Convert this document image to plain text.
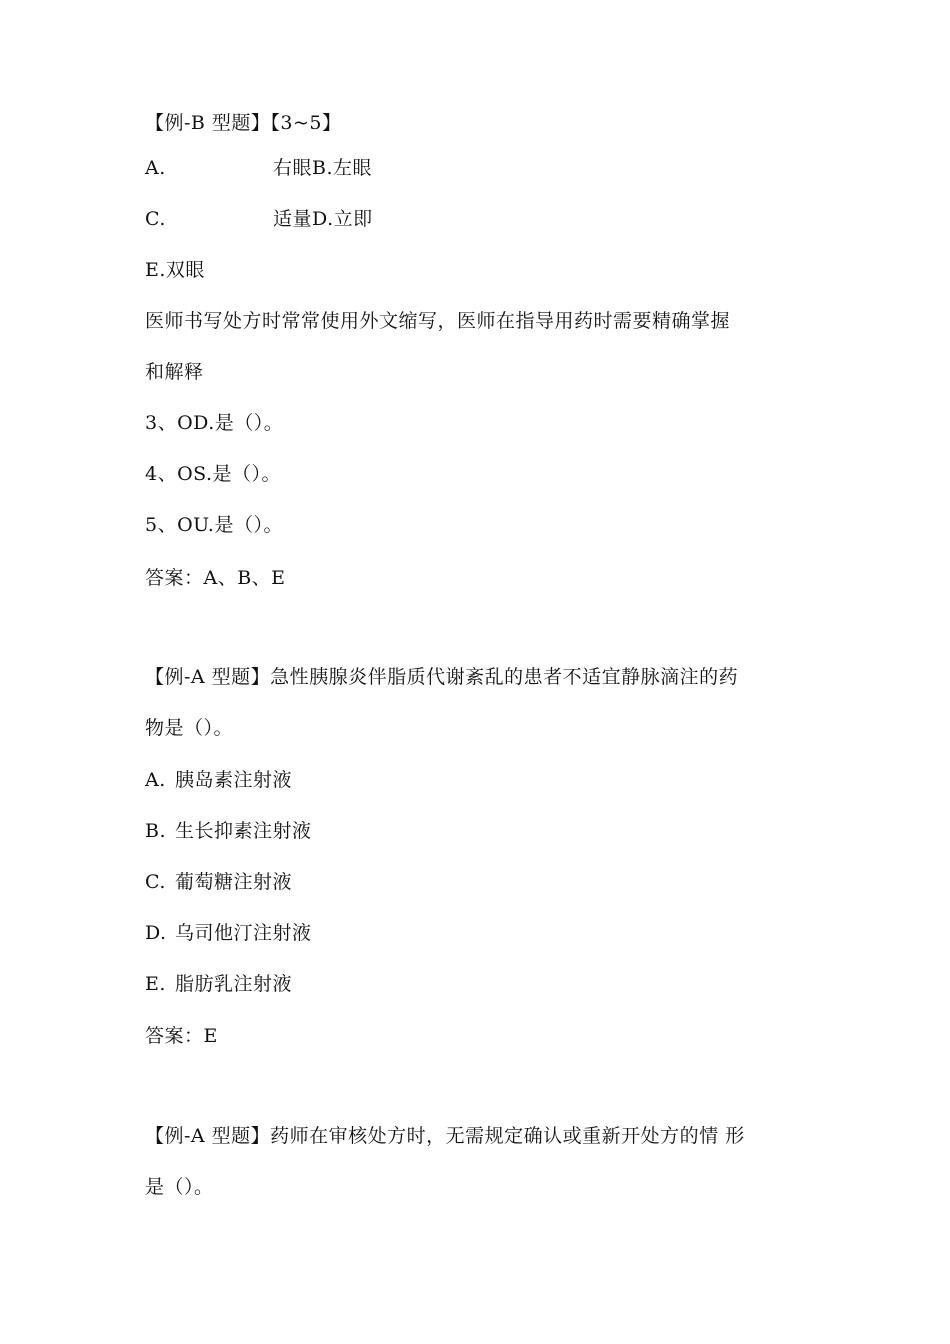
【例-B 型题】【3~5】
A.	右眼B.左眼
C.	适量D.立即
E.双眼
医师书写处方时常常使用外文缩写，医师在指导用药时需要精确掌握
和解释
3、OD.是（）。
4、OS.是（）。
5、OU.是（）。
答案：A、B、E
【例-A 型题】急性胰腺炎伴脂质代谢紊乱的患者不适宜静脉滴注的药
物是（）。
A. 胰岛素注射液
B. 生长抑素注射液
C. 葡萄糖注射液
D. 乌司他汀注射液
E. 脂肪乳注射液
答案：E
【例-A 型题】药师在审核处方时，无需规定确认或重新开处方的情 形
是（）。
